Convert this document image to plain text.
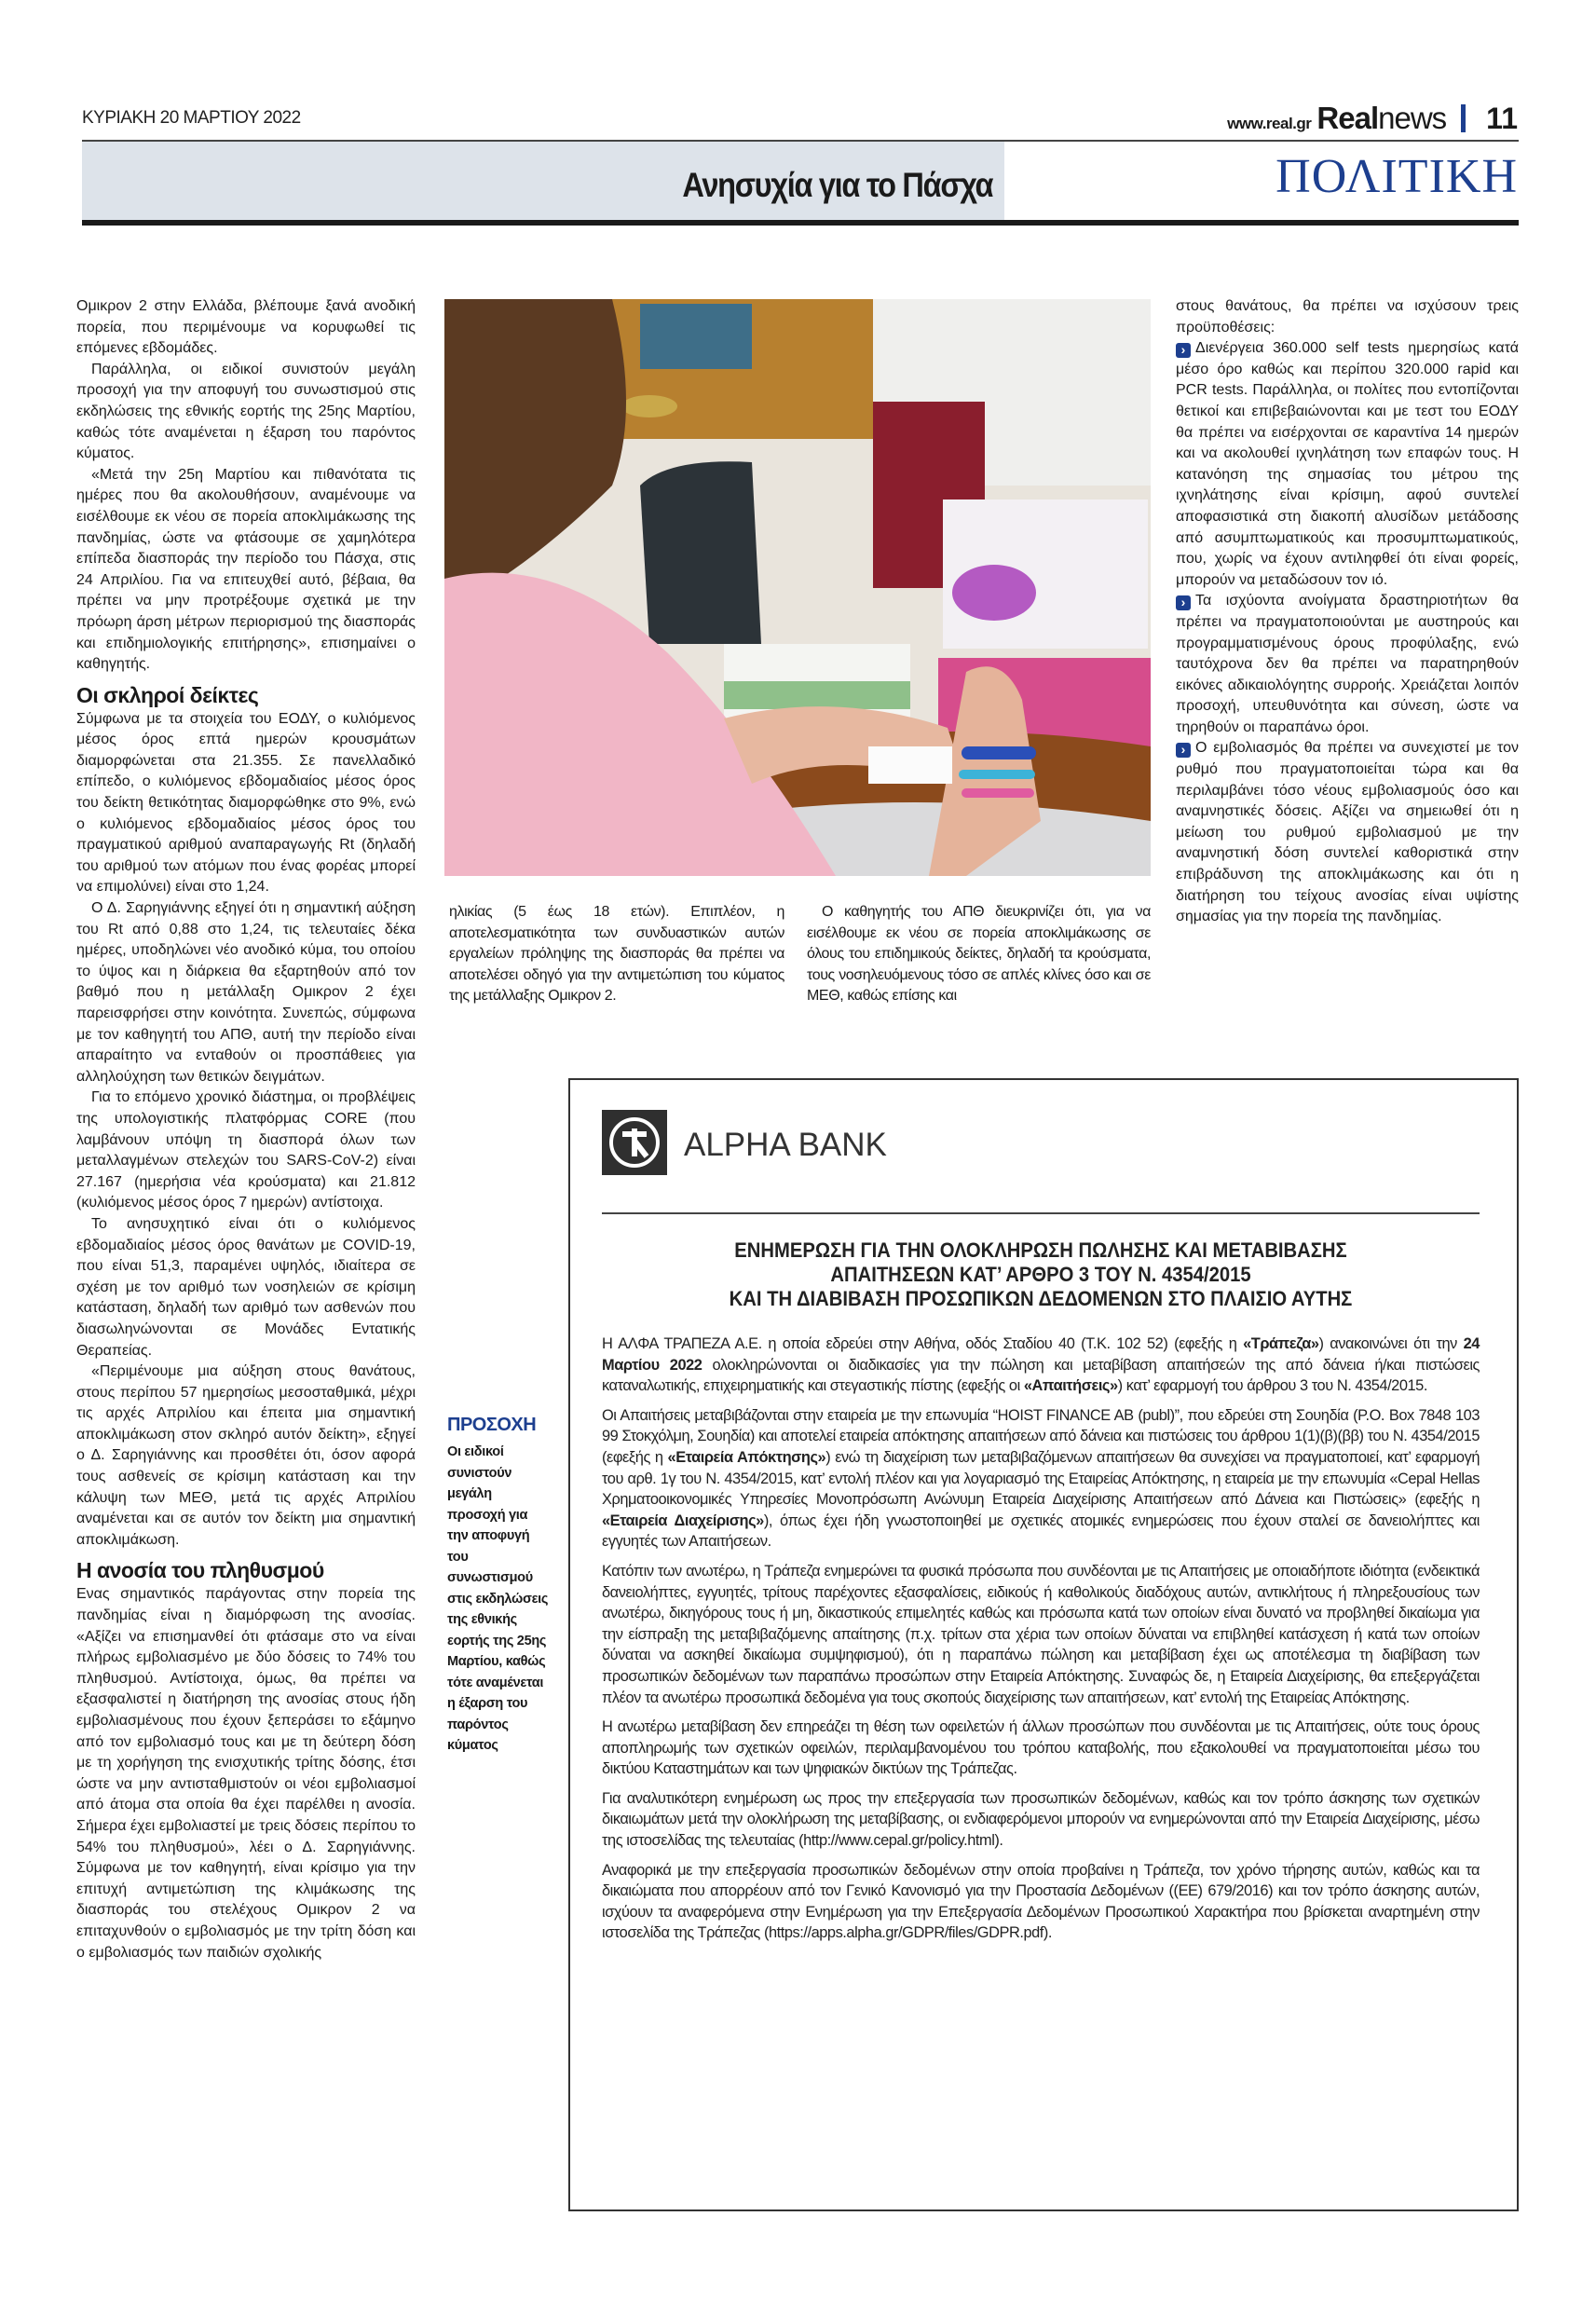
ΚΥΡΙΑΚΗ 20 ΜΑΡΤΙΟΥ 2022	www.real.gr Realnews 11
Ανησυχία για το Πάσχα	ΠΟΛΙΤΙΚΗ

Ομικρον 2 στην Ελλάδα, βλέπουμε ξανά ανοδική πορεία, που περιμένουμε να κορυφωθεί τις επόμενες εβδομάδες.

Παράλληλα, οι ειδικοί συνιστούν μεγάλη προσοχή για την αποφυγή του συνωστισμού στις εκδηλώσεις της εθνικής εορτής της 25ης Μαρτίου, καθώς τότε αναμένεται η έξαρση του παρόντος κύματος.

«Μετά την 25η Μαρτίου και πιθανότατα τις ημέρες που θα ακολουθήσουν, αναμένουμε να εισέλθουμε εκ νέου σε πορεία αποκλιμάκωσης της πανδημίας, ώστε να φτάσουμε σε χαμηλότερα επίπεδα διασποράς την περίοδο του Πάσχα, στις 24 Απριλίου. Για να επιτευχθεί αυτό, βέβαια, θα πρέπει να μην προτρέξουμε σχετικά με την πρόωρη άρση μέτρων περιορισμού της διασποράς και επιδημιολογικής επιτήρησης», επισημαίνει ο καθηγητής.

Οι σκληροί δείκτες

Σύμφωνα με τα στοιχεία του ΕΟΔΥ, ο κυλιόμενος μέσος όρος επτά ημερών κρουσμάτων διαμορφώνεται στα 21.355. Σε πανελλαδικό επίπεδο, ο κυλιόμενος εβδομαδιαίος μέσος όρος του δείκτη θετικότητας διαμορφώθηκε στο 9%, ενώ ο κυλιόμενος εβδομαδιαίος μέσος όρος του πραγματικού αριθμού αναπαραγωγής Rt (δηλαδή του αριθμού των ατόμων που ένας φορέας μπορεί να επιμολύνει) είναι στο 1,24.

Ο Δ. Σαρηγιάννης εξηγεί ότι η σημαντική αύξηση του Rt από 0,88 στο 1,24, τις τελευταίες δέκα ημέρες, υποδηλώνει νέο ανοδικό κύμα, του οποίου το ύψος και η διάρκεια θα εξαρτηθούν από τον βαθμό που η μετάλλαξη Ομικρον 2 έχει παρεισφρήσει στην κοινότητα. Συνεπώς, σύμφωνα με τον καθηγητή του ΑΠΘ, αυτή την περίοδο είναι απαραίτητο να ενταθούν οι προσπάθειες για αλληλούχηση των θετικών δειγμάτων.

Για το επόμενο χρονικό διάστημα, οι προβλέψεις της υπολογιστικής πλατφόρμας CORE (που λαμβάνουν υπόψη τη διασπορά όλων των μεταλλαγμένων στελεχών του SARS-CoV-2) είναι 27.167 (ημερήσια νέα κρούσματα) και 21.812 (κυλιόμενος μέσος όρος 7 ημερών) αντίστοιχα.

Το ανησυχητικό είναι ότι ο κυλιόμενος εβδομαδιαίος μέσος όρος θανάτων με COVID-19, που είναι 51,3, παραμένει υψηλός, ιδιαίτερα σε σχέση με τον αριθμό των νοσηλειών σε κρίσιμη κατάσταση, δηλαδή των αριθμό των ασθενών που διασωληνώνονται σε Μονάδες Εντατικής Θεραπείας.

«Περιμένουμε μια αύξηση στους θανάτους, στους περίπου 57 ημερησίως μεσοσταθμικά, μέχρι τις αρχές Απριλίου και έπειτα μια σημαντική αποκλιμάκωση στον σκληρό αυτόν δείκτη», εξηγεί ο Δ. Σαρηγιάννης και προσθέτει ότι, όσον αφορά τους ασθενείς σε κρίσιμη κατάσταση και την κάλυψη των ΜΕΘ, μετά τις αρχές Απριλίου αναμένεται και σε αυτόν τον δείκτη μια σημαντική αποκλιμάκωση.

Η ανοσία του πληθυσμού

Ενας σημαντικός παράγοντας στην πορεία της πανδημίας είναι η διαμόρφωση της ανοσίας. «Αξίζει να επισημανθεί ότι φτάσαμε στο να είναι πλήρως εμβολιασμένο με δύο δόσεις το 74% του πληθυσμού. Αντίστοιχα, όμως, θα πρέπει να εξασφαλιστεί η διατήρηση της ανοσίας στους ήδη εμβολιασμένους που έχουν ξεπεράσει το εξάμηνο από τον εμβολιασμό τους και με τη δεύτερη δόση με τη χορήγηση της ενισχυτικής τρίτης δόσης, έτσι ώστε να μην αντισταθμιστούν οι νέοι εμβολιασμοί από άτομα στα οποία θα έχει παρέλθει η ανοσία. Σήμερα έχει εμβολιαστεί με τρεις δόσεις περίπου το 54% του πληθυσμού», λέει ο Δ. Σαρηγιάννης. Σύμφωνα με τον καθηγητή, είναι κρίσιμο για την επιτυχή αντιμετώπιση της κλιμάκωσης της διασποράς του στελέχους Ομικρον 2 να επιταχυνθούν ο εμβολιασμός με την τρίτη δόση και ο εμβολιασμός των παιδιών σχολικής

ηλικίας (5 έως 18 ετών). Επιπλέον, η αποτελεσματικότητα των συνδυαστικών αυτών εργαλείων πρόληψης της διασποράς θα πρέπει να αποτελέσει οδηγό για την αντιμετώπιση του κύματος της μετάλλαξης Ομικρον 2.

Ο καθηγητής του ΑΠΘ διευκρινίζει ότι, για να εισέλθουμε εκ νέου σε πορεία αποκλιμάκωσης σε όλους του επιδημικούς δείκτες, δηλαδή τα κρούσματα, τους νοσηλευόμενους τόσο σε απλές κλίνες όσο και σε ΜΕΘ, καθώς επίσης και

στους θανάτους, θα πρέπει να ισχύσουν τρεις προϋποθέσεις:

› Διενέργεια 360.000 self tests ημερησίως κατά μέσο όρο καθώς και περίπου 320.000 rapid και PCR tests. Παράλληλα, οι πολίτες που εντοπίζονται θετικοί και επιβεβαιώνονται και με τεστ του ΕΟΔΥ θα πρέπει να εισέρχονται σε καραντίνα 14 ημερών και να ακολουθεί ιχνηλάτηση των επαφών τους. Η κατανόηση της σημασίας του μέτρου της ιχνηλάτησης είναι κρίσιμη, αφού συντελεί αποφασιστικά στη διακοπή αλυσίδων μετάδοσης από ασυμπτωματικούς και προσυμπτωματικούς, που, χωρίς να έχουν αντιληφθεί ότι είναι φορείς, μπορούν να μεταδώσουν τον ιό.

› Τα ισχύοντα ανοίγματα δραστηριοτήτων θα πρέπει να πραγματοποιούνται με αυστηρούς και προγραμματισμένους όρους προφύλαξης, ενώ ταυτόχρονα δεν θα πρέπει να παρατηρηθούν εικόνες αδικαιολόγητης συρροής. Χρειάζεται λοιπόν προσοχή, υπευθυνότητα και σύνεση, ώστε να τηρηθούν οι παραπάνω όροι.

› Ο εμβολιασμός θα πρέπει να συνεχιστεί με τον ρυθμό που πραγματοποιείται τώρα και θα περιλαμβάνει τόσο νέους εμβολιασμούς όσο και αναμνηστικές δόσεις. Αξίζει να σημειωθεί ότι η μείωση του ρυθμού εμβολιασμού με την αναμνηστική δόση συντελεί καθοριστικά στην επιβράδυνση της αποκλιμάκωσης και ότι η διατήρηση του τείχους ανοσίας είναι υψίστης σημασίας για την πορεία της πανδημίας.

ΠΡΟΣΟΧΗ
Οι ειδικοί συνιστούν μεγάλη προσοχή για την αποφυγή του συνωστισμού στις εκδηλώσεις της εθνικής εορτής της 25ης Μαρτίου, καθώς τότε αναμένεται η έξαρση του παρόντος κύματος
ALPHA BANK
ΕΝΗΜΕΡΩΣΗ ΓΙΑ ΤΗΝ ΟΛΟΚΛΗΡΩΣΗ ΠΩΛΗΣΗΣ ΚΑΙ ΜΕΤΑΒΙΒΑΣΗΣ
ΑΠΑΙΤΗΣΕΩΝ ΚΑΤ’ ΑΡΘΡΟ 3 ΤΟΥ Ν. 4354/2015
ΚΑΙ ΤΗ ΔΙΑΒΙΒΑΣΗ ΠΡΟΣΩΠΙΚΩΝ ΔΕΔΟΜΕΝΩΝ ΣΤΟ ΠΛΑΙΣΙΟ ΑΥΤΗΣ

Η ΑΛΦΑ ΤΡΑΠΕΖΑ Α.Ε. η οποία εδρεύει στην Αθήνα, οδός Σταδίου 40 (Τ.Κ. 102 52) (εφεξής η «Τράπεζα») ανακοινώνει ότι την 24 Μαρτίου 2022 ολοκληρώνονται οι διαδικασίες για την πώληση και μεταβίβαση απαιτήσεών της από δάνεια ή/και πιστώσεις καταναλωτικής, επιχειρηματικής και στεγαστικής πίστης (εφεξής οι «Απαιτήσεις») κατ’ εφαρμογή του άρθρου 3 του Ν. 4354/2015.

Οι Απαιτήσεις μεταβιβάζονται στην εταιρεία με την επωνυμία “HOIST FINANCE AB (publ)”, που εδρεύει στη Σουηδία (P.O. Box 7848 103 99 Στοκχόλμη, Σουηδία) και αποτελεί εταιρεία απόκτησης απαιτήσεων από δάνεια και πιστώσεις του άρθρου 1(1)(β)(ββ) του Ν. 4354/2015 (εφεξής η «Εταιρεία Απόκτησης») ενώ τη διαχείριση των μεταβιβαζόμενων απαιτήσεων θα συνεχίσει να πραγματοποιεί, κατ’ εφαρμογή του αρθ. 1γ του Ν. 4354/2015, κατ’ εντολή πλέον και για λογαριασμό της Εταιρείας Απόκτησης, η εταιρεία με την επωνυμία «Cepal Hellas Χρηματοοικονομικές Υπηρεσίες Μονοπρόσωπη Ανώνυμη Εταιρεία Διαχείρισης Απαιτήσεων από Δάνεια και Πιστώσεις» (εφεξής η «Εταιρεία Διαχείρισης»), όπως έχει ήδη γνωστοποιηθεί με σχετικές ατομικές ενημερώσεις που έχουν σταλεί σε δανειολήπτες και εγγυητές των Απαιτήσεων.

Κατόπιν των ανωτέρω, η Τράπεζα ενημερώνει τα φυσικά πρόσωπα που συνδέονται με τις Απαιτήσεις με οποιαδήποτε ιδιότητα (ενδεικτικά δανειολήπτες, εγγυητές, τρίτους παρέχοντες εξασφαλίσεις, ειδικούς ή καθολικούς διαδόχους αυτών, αντικλήτους ή πληρεξουσίους των ανωτέρω, δικηγόρους τους ή μη, δικαστικούς επιμελητές καθώς και πρόσωπα κατά των οποίων είναι δυνατό να προβληθεί δικαίωμα για την είσπραξη της μεταβιβαζόμενης απαίτησης (π.χ. τρίτων στα χέρια των οποίων δύναται να επιβληθεί κατάσχεση ή κατά των οποίων δύναται να ασκηθεί δικαίωμα συμψηφισμού), ότι η παραπάνω πώληση και μεταβίβαση έχει ως αποτέλεσμα τη διαβίβαση των προσωπικών δεδομένων των παραπάνω προσώπων στην Εταιρεία Απόκτησης. Συναφώς δε, η Εταιρεία Διαχείρισης, θα επεξεργάζεται πλέον τα ανωτέρω προσωπικά δεδομένα για τους σκοπούς διαχείρισης των απαιτήσεων, κατ’ εντολή της Εταιρείας Απόκτησης.

Η ανωτέρω μεταβίβαση δεν επηρεάζει τη θέση των οφειλετών ή άλλων προσώπων που συνδέονται με τις Απαιτήσεις, ούτε τους όρους αποπληρωμής των σχετικών οφειλών, περιλαμβανομένου του τρόπου καταβολής, που εξακολουθεί να πραγματοποιείται μέσω του δικτύου Καταστημάτων και των ψηφιακών δικτύων της Τράπεζας.

Για αναλυτικότερη ενημέρωση ως προς την επεξεργασία των προσωπικών δεδομένων, καθώς και τον τρόπο άσκησης των σχετικών δικαιωμάτων μετά την ολοκλήρωση της μεταβίβασης, οι ενδιαφερόμενοι μπορούν να ενημερώνονται από την Εταιρεία Διαχείρισης, μέσω της ιστοσελίδας της τελευταίας (http://www.cepal.gr/policy.html).

Αναφορικά με την επεξεργασία προσωπικών δεδομένων στην οποία προβαίνει η Τράπεζα, τον χρόνο τήρησης αυτών, καθώς και τα δικαιώματα που απορρέουν από τον Γενικό Κανονισμό για την Προστασία Δεδομένων ((ΕΕ) 679/2016) και τον τρόπο άσκησης αυτών, ισχύουν τα αναφερόμενα στην Ενημέρωση για την Επεξεργασία Δεδομένων Προσωπικού Χαρακτήρα που βρίσκεται αναρτημένη στην ιστοσελίδα της Τράπεζας (https://apps.alpha.gr/GDPR/files/GDPR.pdf).
